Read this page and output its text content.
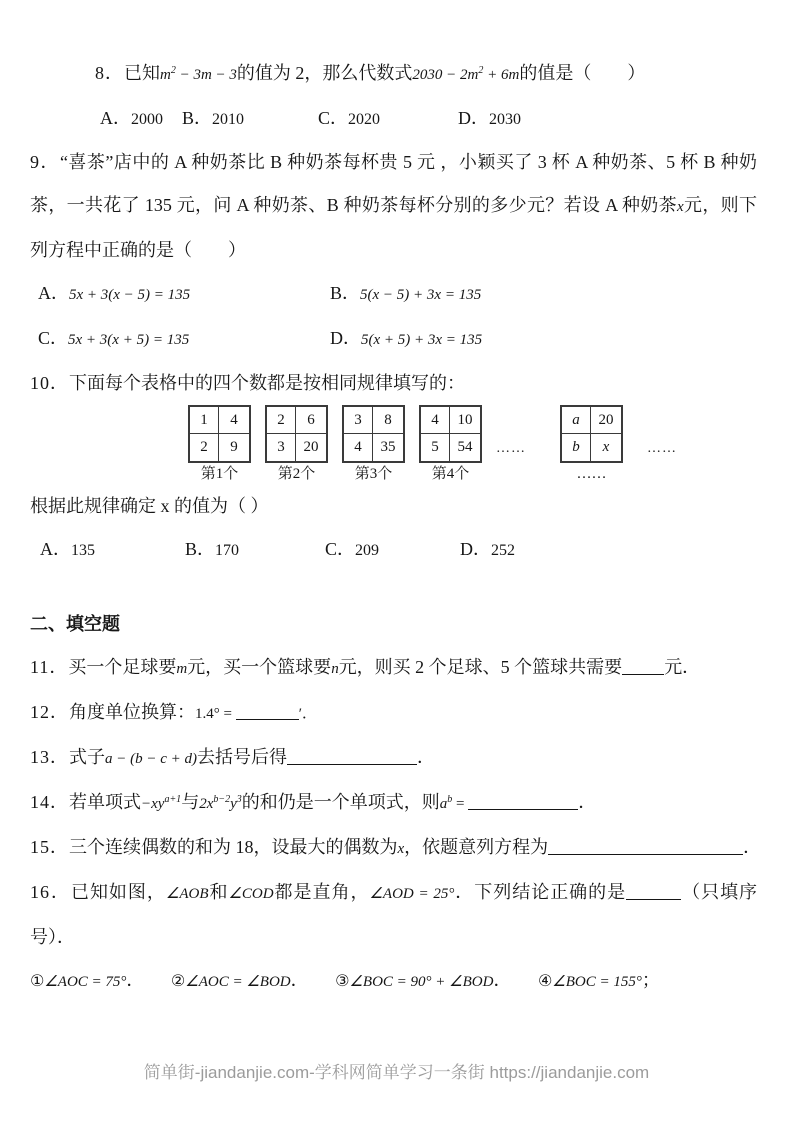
8．已知$m^2 - 3m - 3$的值为 2，那么代数式$2030 - 2m^2 + 6m$的值是（　　）
A．2000	B．2010	C．2020	D．2030
9．“喜茶”店中的 A 种奶茶比 B 种奶茶每杯贵 5 元 ，小颖买了 3 杯 A 种奶茶、5 杯 B 种奶茶，一共花了 135 元，问 A 种奶茶、B 种奶茶每杯分别的多少元？若设 A 种奶茶x元，则下列方程中正确的是（　　）
A．5x + 3(x − 5) = 135	B．5(x − 5) + 3x = 135
C．5x + 3(x + 5) = 135	D．5(x + 5) + 3x = 135
10．下面每个表格中的四个数都是按相同规律填写的：
1	4
2	9
第1个
2	6
3	20
第2个
3	8
4	35
第3个
4	10
5	54
第4个
……
a	20
b	x
……
……
根据此规律确定 x 的值为（ ）
A．135	B．170	C．209	D．252
二、填空题
11．买一个足球要m元，买一个篮球要n元，则买 2 个足球、5 个篮球共需要 元．
12．角度单位换算：1.4° =	′．
13．式子a − (b − c + d)去括号后得	．
14．若单项式$-xy^{a+1}$与$2x^{b-2}y^3$的和仍是一个单项式，则$a^b$ =	．
15．三个连续偶数的和为 18，设最大的偶数为x，依题意列方程为	．
16．已知如图，∠AOB和∠COD都是直角，∠AOD = 25°．下列结论正确的是	（只填序号）．
①∠AOC = 75°． ②∠AOC = ∠BOD． ③∠BOC = 90° + ∠BOD． ④∠BOC = 155°；
简单街-jiandanjie.com-学科网简单学习一条街 https://jiandanjie.com
